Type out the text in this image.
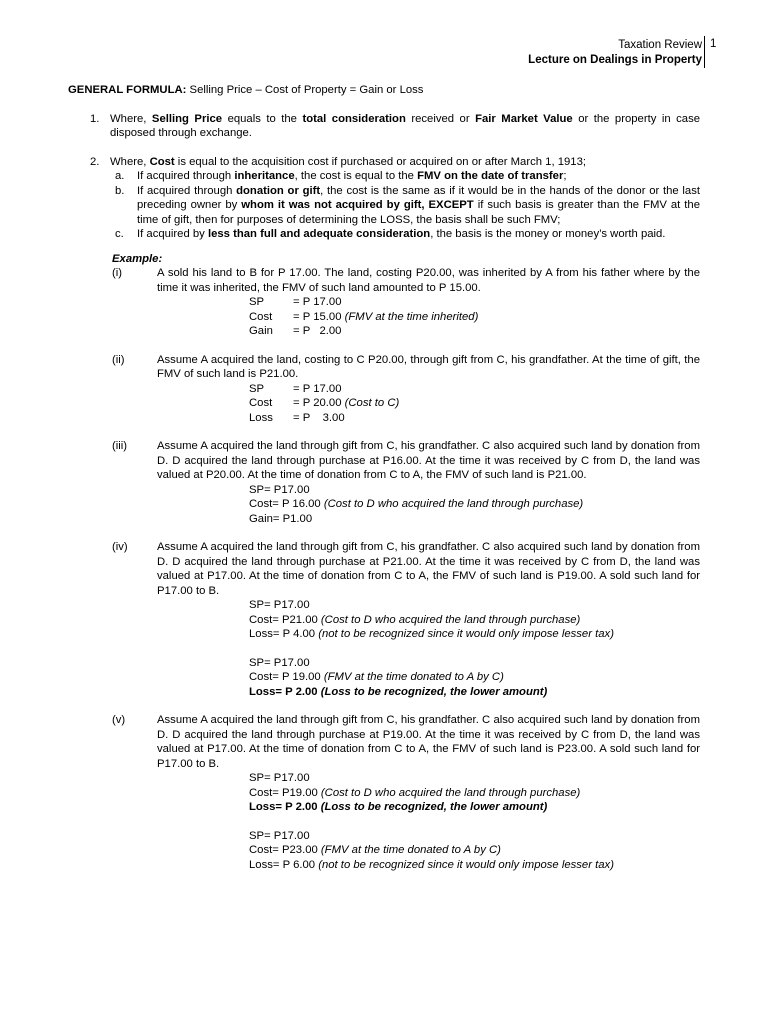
Taxation Review
Lecture on Dealings in Property
1
GENERAL FORMULA: Selling Price – Cost of Property = Gain or Loss
1. Where, Selling Price equals to the total consideration received or Fair Market Value or the property in case disposed through exchange.
2. Where, Cost is equal to the acquisition cost if purchased or acquired on or after March 1, 1913;
a.	If acquired through inheritance, the cost is equal to the FMV on the date of transfer;
b.	If acquired through donation or gift, the cost is the same as if it would be in the hands of the donor or the last preceding owner by whom it was not acquired by gift, EXCEPT if such basis is greater than the FMV at the time of gift, then for purposes of determining the LOSS, the basis shall be such FMV;
c.	If acquired by less than full and adequate consideration, the basis is the money or money’s worth paid.
Example:
(i)	A sold his land to B for P 17.00. The land, costing P20.00, was inherited by A from his father where by the time it was inherited, the FMV of such land amounted to P 15.00.
SP	= P 17.00
Cost = P 15.00 (FMV at the time inherited)
Gain = P   2.00
(ii)	Assume A acquired the land, costing to C P20.00, through gift from C, his grandfather. At the time of gift, the FMV of such land is P21.00.
SP	= P 17.00
Cost = P 20.00 (Cost to C)
Loss = P    3.00
(iii)	Assume A acquired the land through gift from C, his grandfather. C also acquired such land by donation from D. D acquired the land through purchase at P16.00. At the time it was received by C from D, the land was valued at P20.00. At the time of donation from C to A, the FMV of such land is P21.00.
SP= P17.00
Cost= P 16.00 (Cost to D who acquired the land through purchase)
Gain= P1.00
(iv)	Assume A acquired the land through gift from C, his grandfather. C also acquired such land by donation from D. D acquired the land through purchase at P21.00. At the time it was received by C from D, the land was valued at P17.00. At the time of donation from C to A, the FMV of such land is P19.00. A sold such land for P17.00 to B.
SP= P17.00
Cost= P21.00 (Cost to D who acquired the land through purchase)
Loss= P 4.00 (not to be recognized since it would only impose lesser tax)
SP= P17.00
Cost= P 19.00 (FMV at the time donated to A by C)
Loss= P 2.00 (Loss to be recognized, the lower amount)
(v)	Assume A acquired the land through gift from C, his grandfather. C also acquired such land by donation from D. D acquired the land through purchase at P19.00. At the time it was received by C from D, the land was valued at P17.00. At the time of donation from C to A, the FMV of such land is P23.00. A sold such land for P17.00 to B.
SP= P17.00
Cost= P19.00 (Cost to D who acquired the land through purchase)
Loss= P 2.00 (Loss to be recognized, the lower amount)
SP= P17.00
Cost= P23.00 (FMV at the time donated to A by C)
Loss= P 6.00 (not to be recognized since it would only impose lesser tax)
